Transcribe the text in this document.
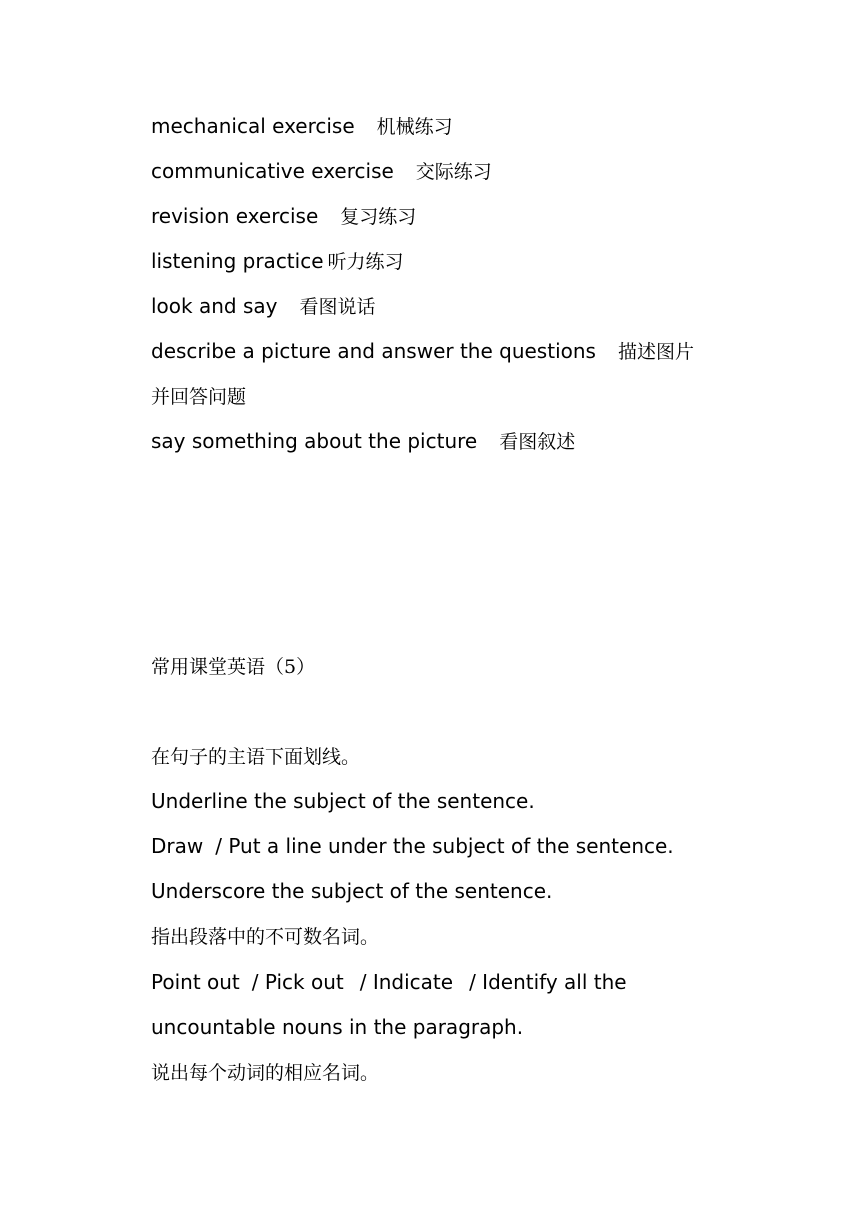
mechanical exercise 机械练习
communicative exercise 交际练习
revision exercise 复习练习
listening practice 听力练习
look and say 看图说话
describe a picture and answer the questions 描述图片
并回答问题
say something about the picture 看图叙述
常用课堂英语（5）
在句子的主语下面划线。
Underline the subject of the sentence.
Draw / Put a line under the subject of the sentence.
Underscore the subject of the sentence.
指出段落中的不可数名词。
Point out / Pick out / Indicate / Identify all the
uncountable nouns in the paragraph.
说出每个动词的相应名词。
